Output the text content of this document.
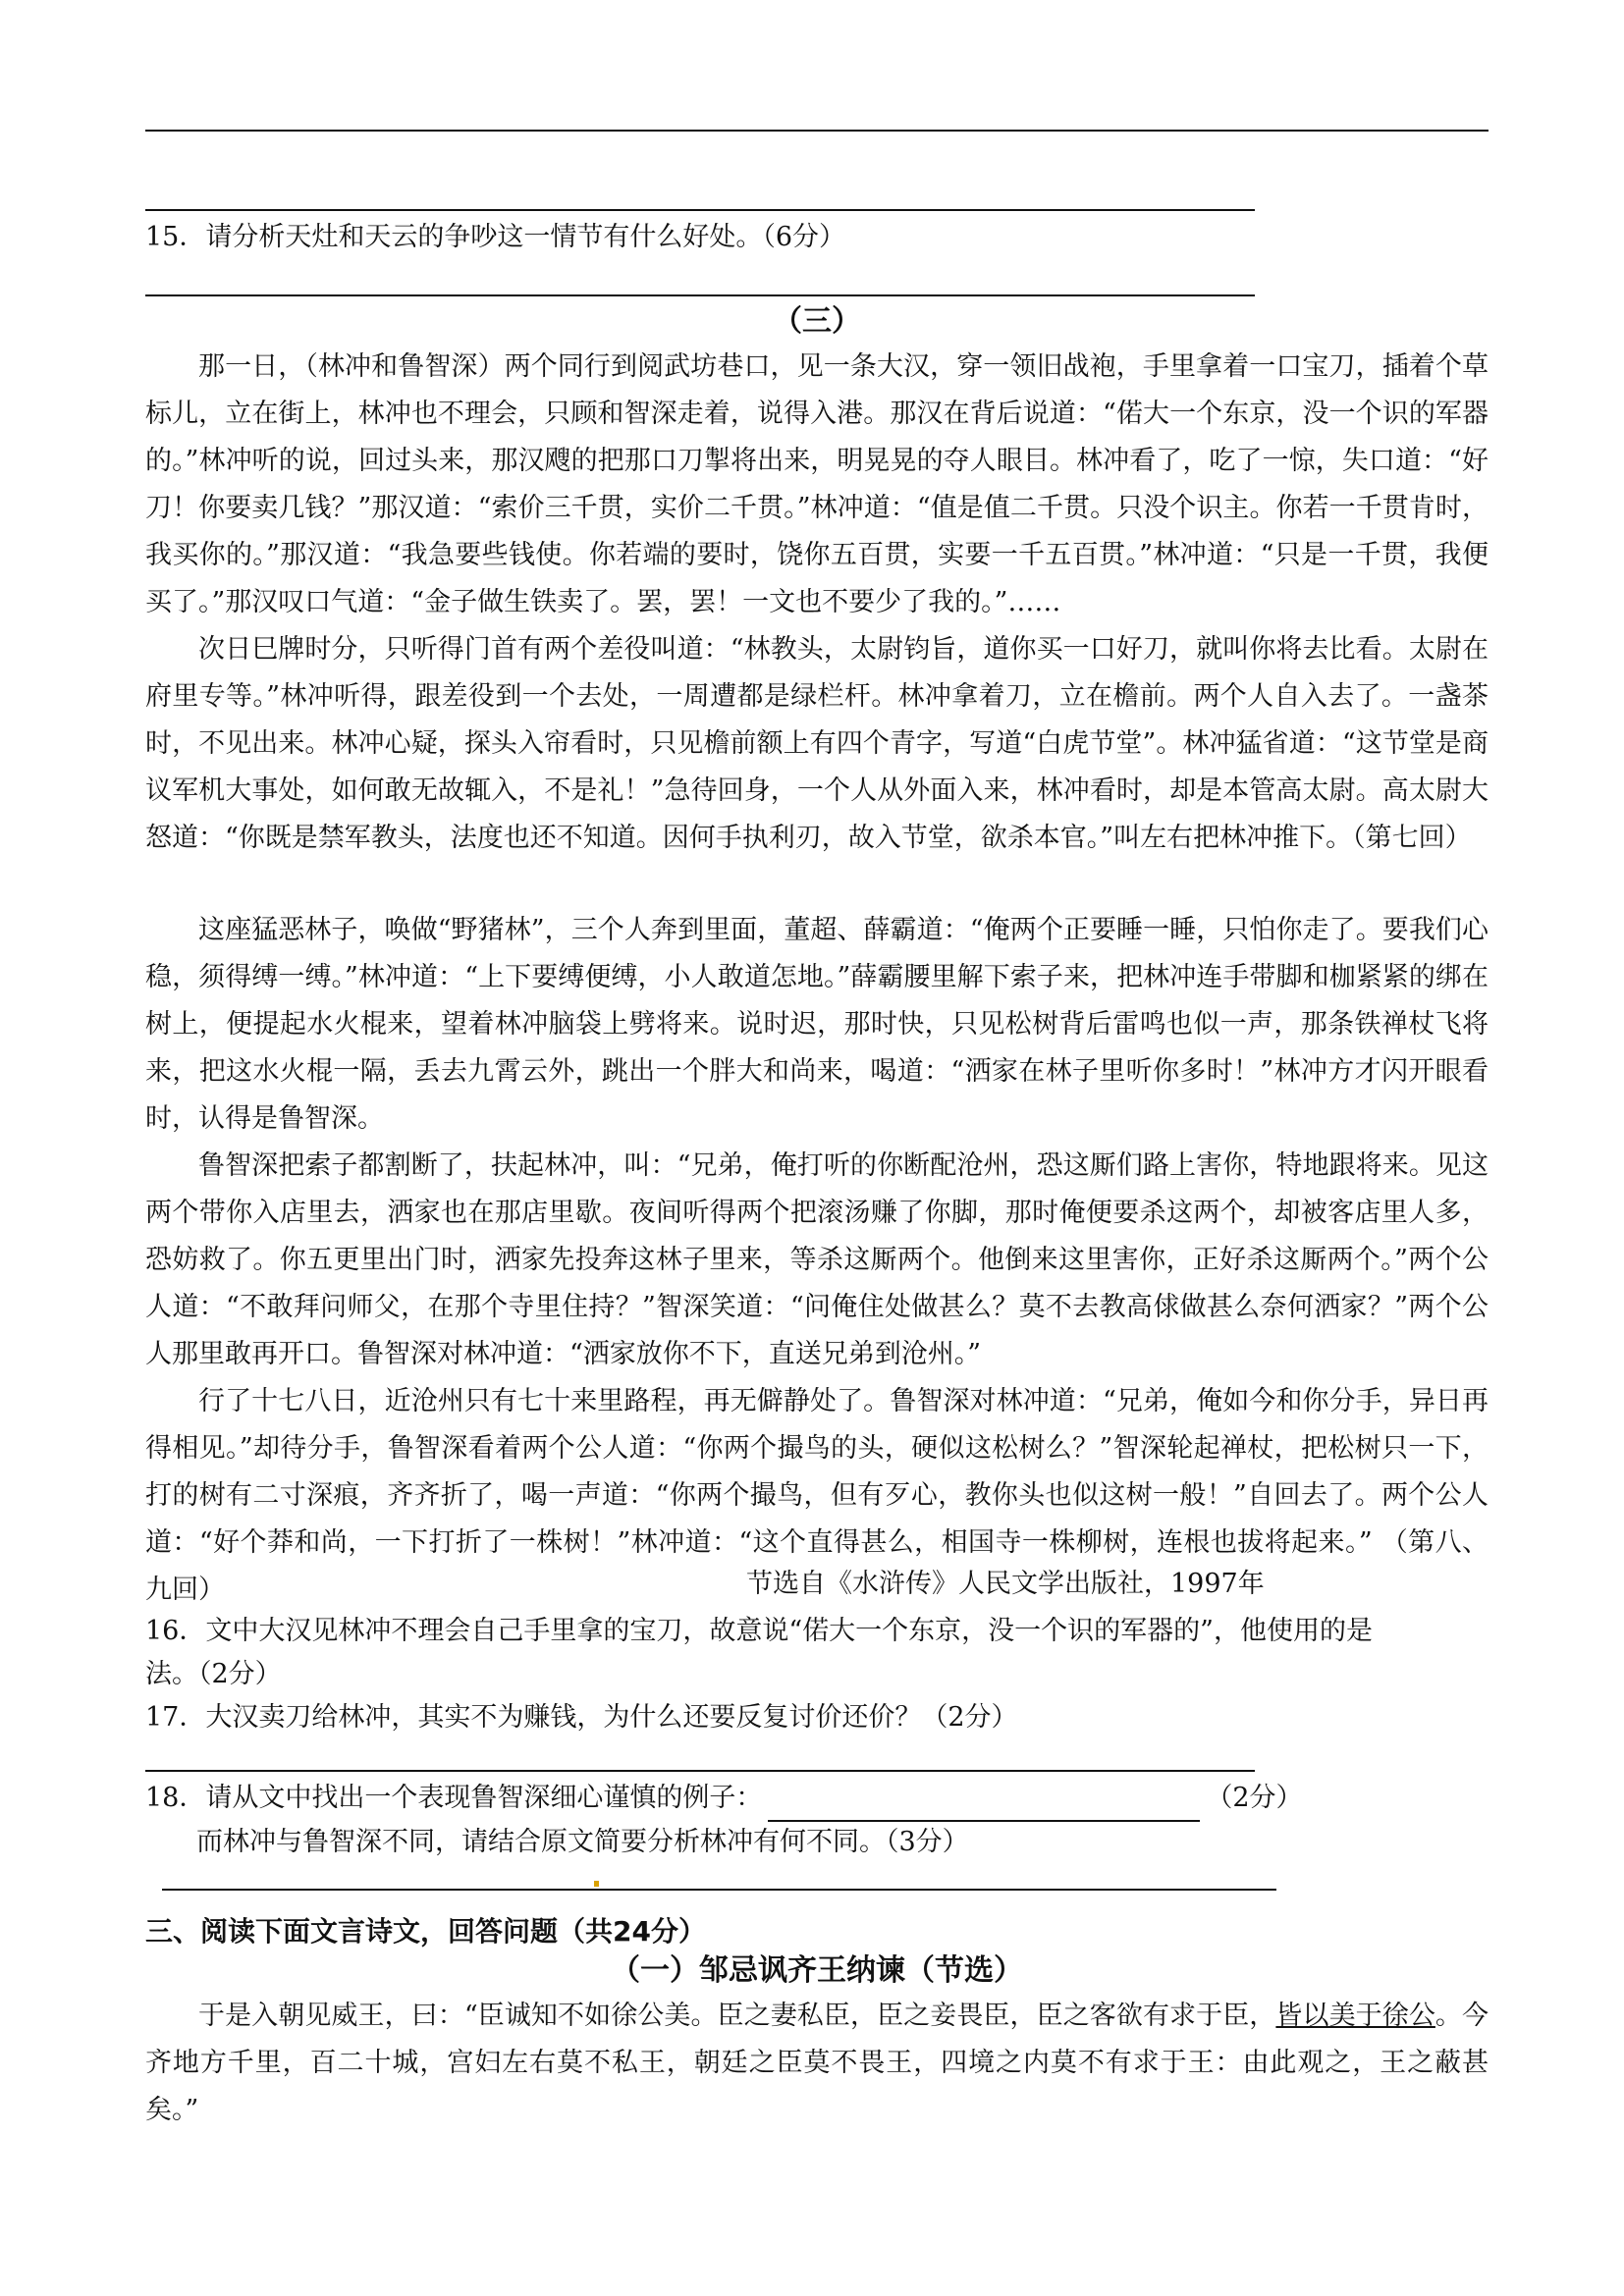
15．请分析天灶和天云的争吵这一情节有什么好处。（6分）
（三）

那一日，（林冲和鲁智深）两个同行到阅武坊巷口，见一条大汉，穿一领旧战袍，手里拿着一口宝刀，插着个草标儿，立在街上，林冲也不理会，只顾和智深走着，说得入港。那汉在背后说道：“偌大一个东京，没一个识的军器的。”林冲听的说，回过头来，那汉飕的把那口刀掣将出来，明晃晃的夺人眼目。林冲看了，吃了一惊，失口道：“好刀！你要卖几钱？”那汉道：“索价三千贯，实价二千贯。”林冲道：“值是值二千贯。只没个识主。你若一千贯肯时，我买你的。”那汉道：“我急要些钱使。你若端的要时，饶你五百贯，实要一千五百贯。”林冲道：“只是一千贯，我便买了。”那汉叹口气道：“金子做生铁卖了。罢，罢！一文也不要少了我的。”……

次日巳牌时分，只听得门首有两个差役叫道：“林教头，太尉钧旨，道你买一口好刀，就叫你将去比看。太尉在府里专等。”林冲听得，跟差役到一个去处，一周遭都是绿栏杆。林冲拿着刀，立在檐前。两个人自入去了。一盏茶时，不见出来。林冲心疑，探头入帘看时，只见檐前额上有四个青字，写道“白虎节堂”。林冲猛省道：“这节堂是商议军机大事处，如何敢无故辄入，不是礼！”急待回身，一个人从外面入来，林冲看时，却是本管高太尉。高太尉大怒道：“你既是禁军教头，法度也还不知道。因何手执利刃，故入节堂，欲杀本官。”叫左右把林冲推下。（第七回）

这座猛恶林子，唤做“野猪林”，三个人奔到里面，董超、薛霸道：“俺两个正要睡一睡，只怕你走了。要我们心稳，须得缚一缚。”林冲道：“上下要缚便缚，小人敢道怎地。”薛霸腰里解下索子来，把林冲连手带脚和枷紧紧的绑在树上，便提起水火棍来，望着林冲脑袋上劈将来。说时迟，那时快，只见松树背后雷鸣也似一声，那条铁禅杖飞将来，把这水火棍一隔，丢去九霄云外，跳出一个胖大和尚来，喝道：“洒家在林子里听你多时！”林冲方才闪开眼看时，认得是鲁智深。

鲁智深把索子都割断了，扶起林冲，叫：“兄弟，俺打听的你断配沧州，恐这厮们路上害你，特地跟将来。见这两个带你入店里去，洒家也在那店里歇。夜间听得两个把滚汤赚了你脚，那时俺便要杀这两个，却被客店里人多，恐妨救了。你五更里出门时，洒家先投奔这林子里来，等杀这厮两个。他倒来这里害你，正好杀这厮两个。”两个公人道：“不敢拜问师父，在那个寺里住持？”智深笑道：“问俺住处做甚么？莫不去教高俅做甚么奈何洒家？”两个公人那里敢再开口。鲁智深对林冲道：“洒家放你不下，直送兄弟到沧州。”

行了十七八日，近沧州只有七十来里路程，再无僻静处了。鲁智深对林冲道：“兄弟，俺如今和你分手，异日再得相见。”却待分手，鲁智深看着两个公人道：“你两个撮鸟的头，硬似这松树么？”智深轮起禅杖，把松树只一下，打的树有二寸深痕，齐齐折了，喝一声道：“你两个撮鸟，但有歹心，教你头也似这树一般！”自回去了。两个公人道：“好个莽和尚，一下打折了一株树！”林冲道：“这个直得甚么，相国寺一株柳树，连根也拔将起来。” （第八、九回）	节选自《水浒传》人民文学出版社，1997年
16．文中大汉见林冲不理会自己手里拿的宝刀，故意说“偌大一个东京，没一个识的军器的”，他使用的是
法。（2分）
17．大汉卖刀给林冲，其实不为赚钱，为什么还要反复讨价还价？（2分）
18．请从文中找出一个表现鲁智深细心谨慎的例子：	（2分）
而林冲与鲁智深不同，请结合原文简要分析林冲有何不同。（3分）
三、阅读下面文言诗文，回答问题（共24分）
（一）邹忌讽齐王纳谏（节选）

于是入朝见威王，曰：“臣诚知不如徐公美。臣之妻私臣，臣之妾畏臣，臣之客欲有求于臣，皆以美于徐公。今齐地方千里，百二十城，宫妇左右莫不私王，朝廷之臣莫不畏王，四境之内莫不有求于王：由此观之，王之蔽甚矣。”
